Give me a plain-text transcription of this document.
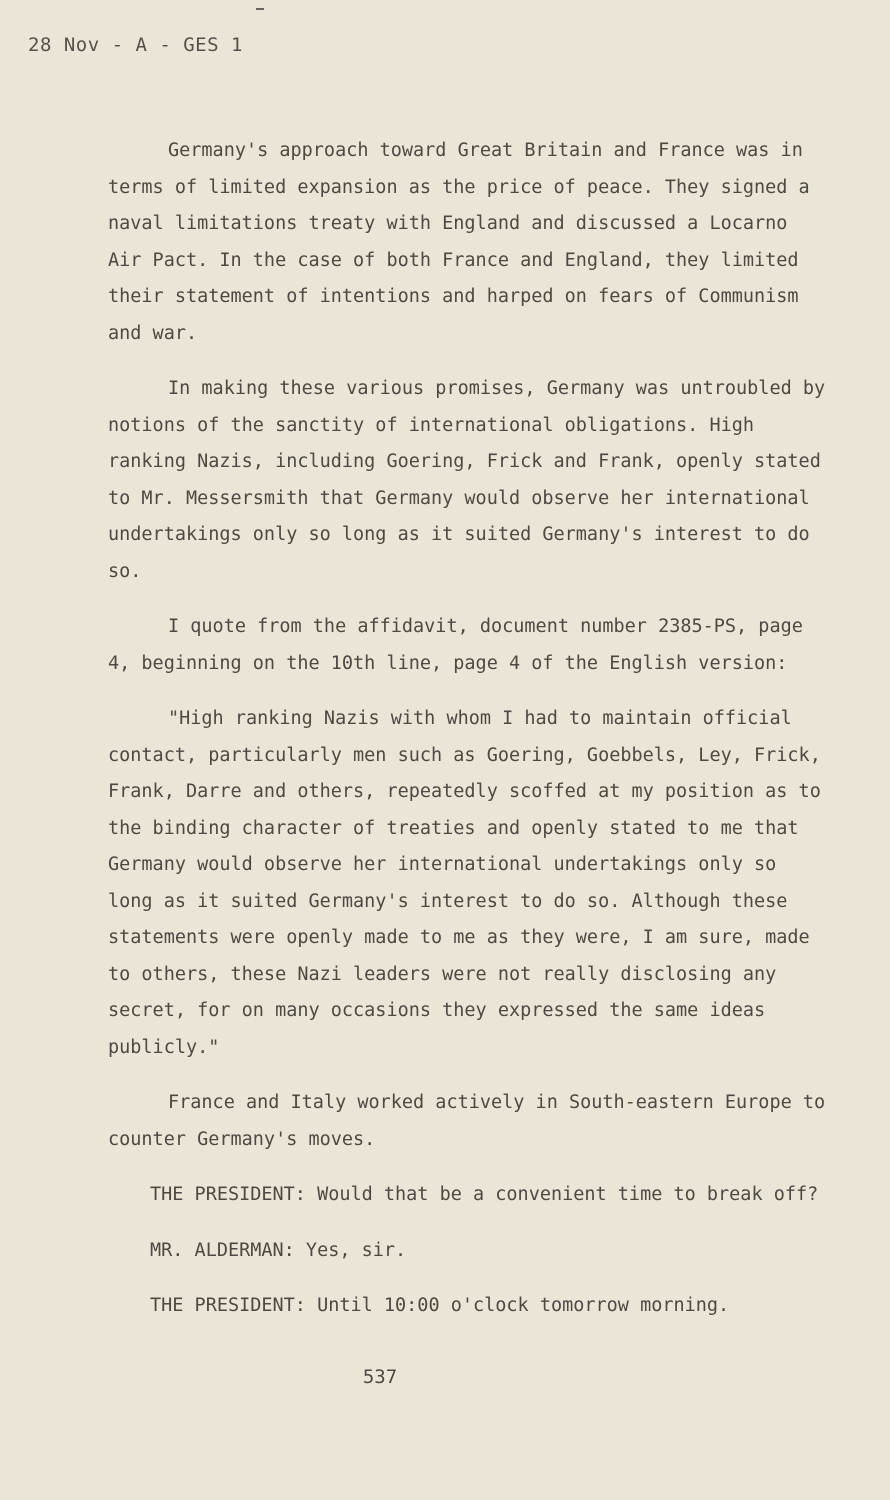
28 Nov - A - GES 1

Germany's approach toward Great Britain and France was in terms of limited expansion as the price of peace. They signed a naval limitations treaty with England and discussed a Locarno Air Pact. In the case of both France and England, they limited their statement of intentions and harped on fears of Communism and war.

In making these various promises, Germany was untroubled by notions of the sanctity of international obligations. High ranking Nazis, including Goering, Frick and Frank, openly stated to Mr. Messersmith that Germany would observe her international undertakings only so long as it suited Germany's interest to do so.

I quote from the affidavit, document number 2385-PS, page 4, beginning on the 10th line, page 4 of the English version:

"High ranking Nazis with whom I had to maintain official contact, particularly men such as Goering, Goebbels, Ley, Frick, Frank, Darre and others, repeatedly scoffed at my position as to the binding character of treaties and openly stated to me that Germany would observe her international undertakings only so long as it suited Germany's interest to do so. Although these statements were openly made to me as they were, I am sure, made to others, these Nazi leaders were not really disclosing any secret, for on many occasions they expressed the same ideas publicly."

France and Italy worked actively in South-eastern Europe to counter Germany's moves.

THE PRESIDENT: Would that be a convenient time to break off?

MR. ALDERMAN: Yes, sir.

THE PRESIDENT: Until 10:00 o'clock tomorrow morning.

537
